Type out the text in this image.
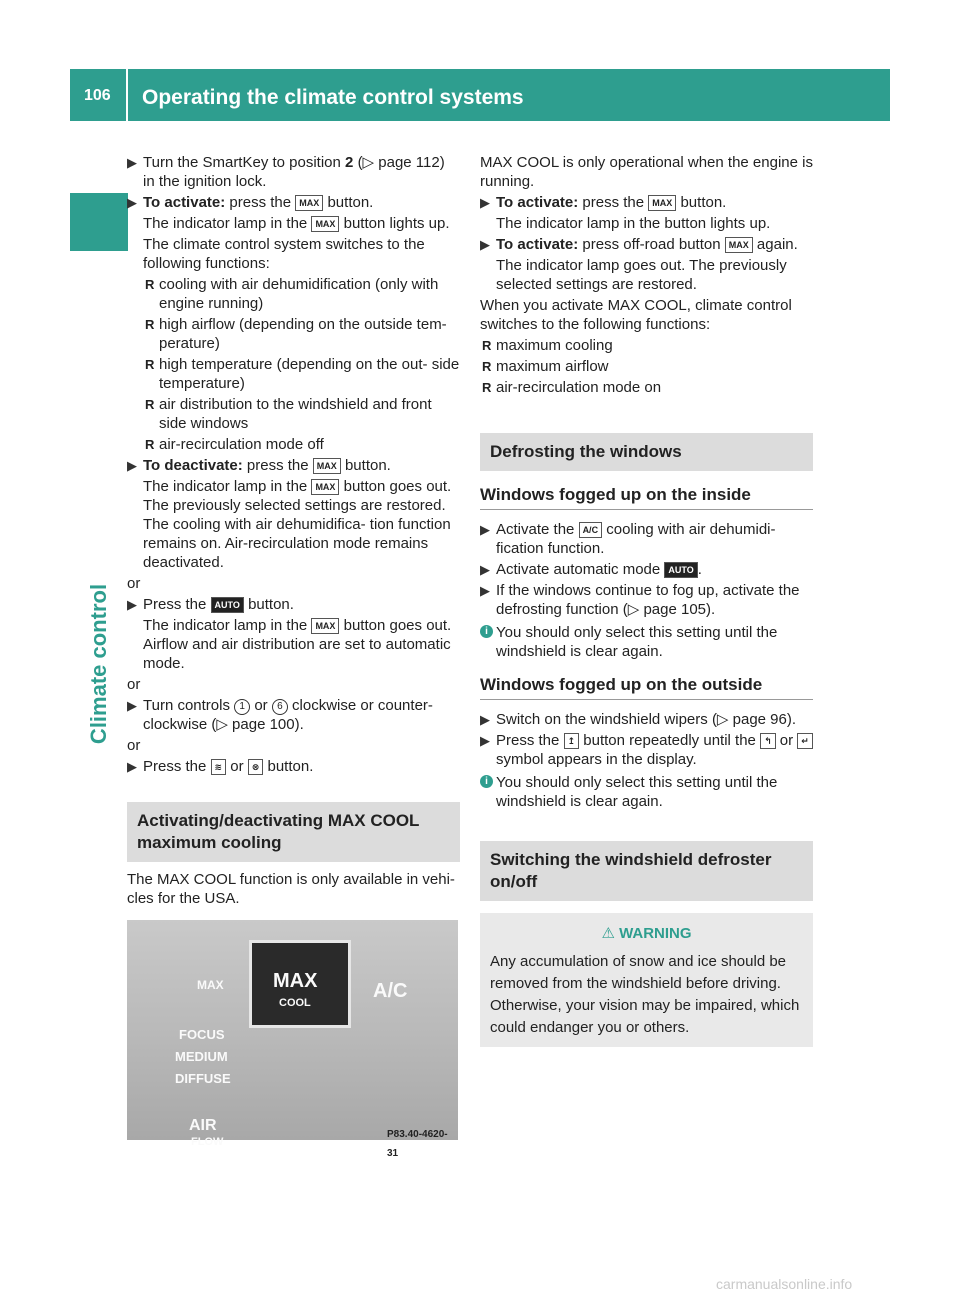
106 Operating the climate control systems
Climate control
▶ Turn the SmartKey to position 2 (▷ page 112) in the ignition lock.
▶ To activate: press the MAX button.

The indicator lamp in the MAX button lights up.

The climate control system switches to the following functions:

R cooling with air dehumidification (only with engine running)
R high airflow (depending on the outside tem- perature)
R high temperature (depending on the out- side temperature)
R air distribution to the windshield and front side windows
R air-recirculation mode off
▶ To deactivate: press the MAX button.

The indicator lamp in the MAX button goes out. The previously selected settings are restored. The cooling with air dehumidifica- tion function remains on. Air-recirculation mode remains deactivated.

or

▶ Press the AUTO button.

The indicator lamp in the MAX button goes out. Airflow and air distribution are set to automatic mode.

or

▶ Turn controls 1 or 6 clockwise or counter- clockwise (▷ page 100).

or

▶ Press the ≋ or ⊗ button.
Activating/deactivating MAX COOL maximum cooling

The MAX COOL function is only available in vehi- cles for the USA.

MAX
COOL
A/C
MAX
FOCUS
MEDIUM
DIFFUSE
AIR
FLOW
P83.40-4620-31

MAX COOL is only operational when the engine is running.

▶ To activate: press the MAX button.

The indicator lamp in the button lights up.

▶ To activate: press off-road button MAX again.

The indicator lamp goes out. The previously selected settings are restored.

When you activate MAX COOL, climate control switches to the following functions:

R maximum cooling
R maximum airflow
R air-recirculation mode on
Defrosting the windows
Windows fogged up on the inside
▶ Activate the A/C cooling with air dehumidi- fication function.
▶ Activate automatic mode AUTO .
▶ If the windows continue to fog up, activate the defrosting function (▷ page 105).
i You should only select this setting until the windshield is clear again.
Windows fogged up on the outside
▶ Switch on the windshield wipers (▷ page 96).
▶ Press the ↥ button repeatedly until the ↰ or ↵ symbol appears in the display.
i You should only select this setting until the windshield is clear again.
Switching the windshield defroster on/off
⚠ WARNING
Any accumulation of snow and ice should be removed from the windshield before driving. Otherwise, your vision may be impaired, which could endanger you or others.
carmanualsonline.info
